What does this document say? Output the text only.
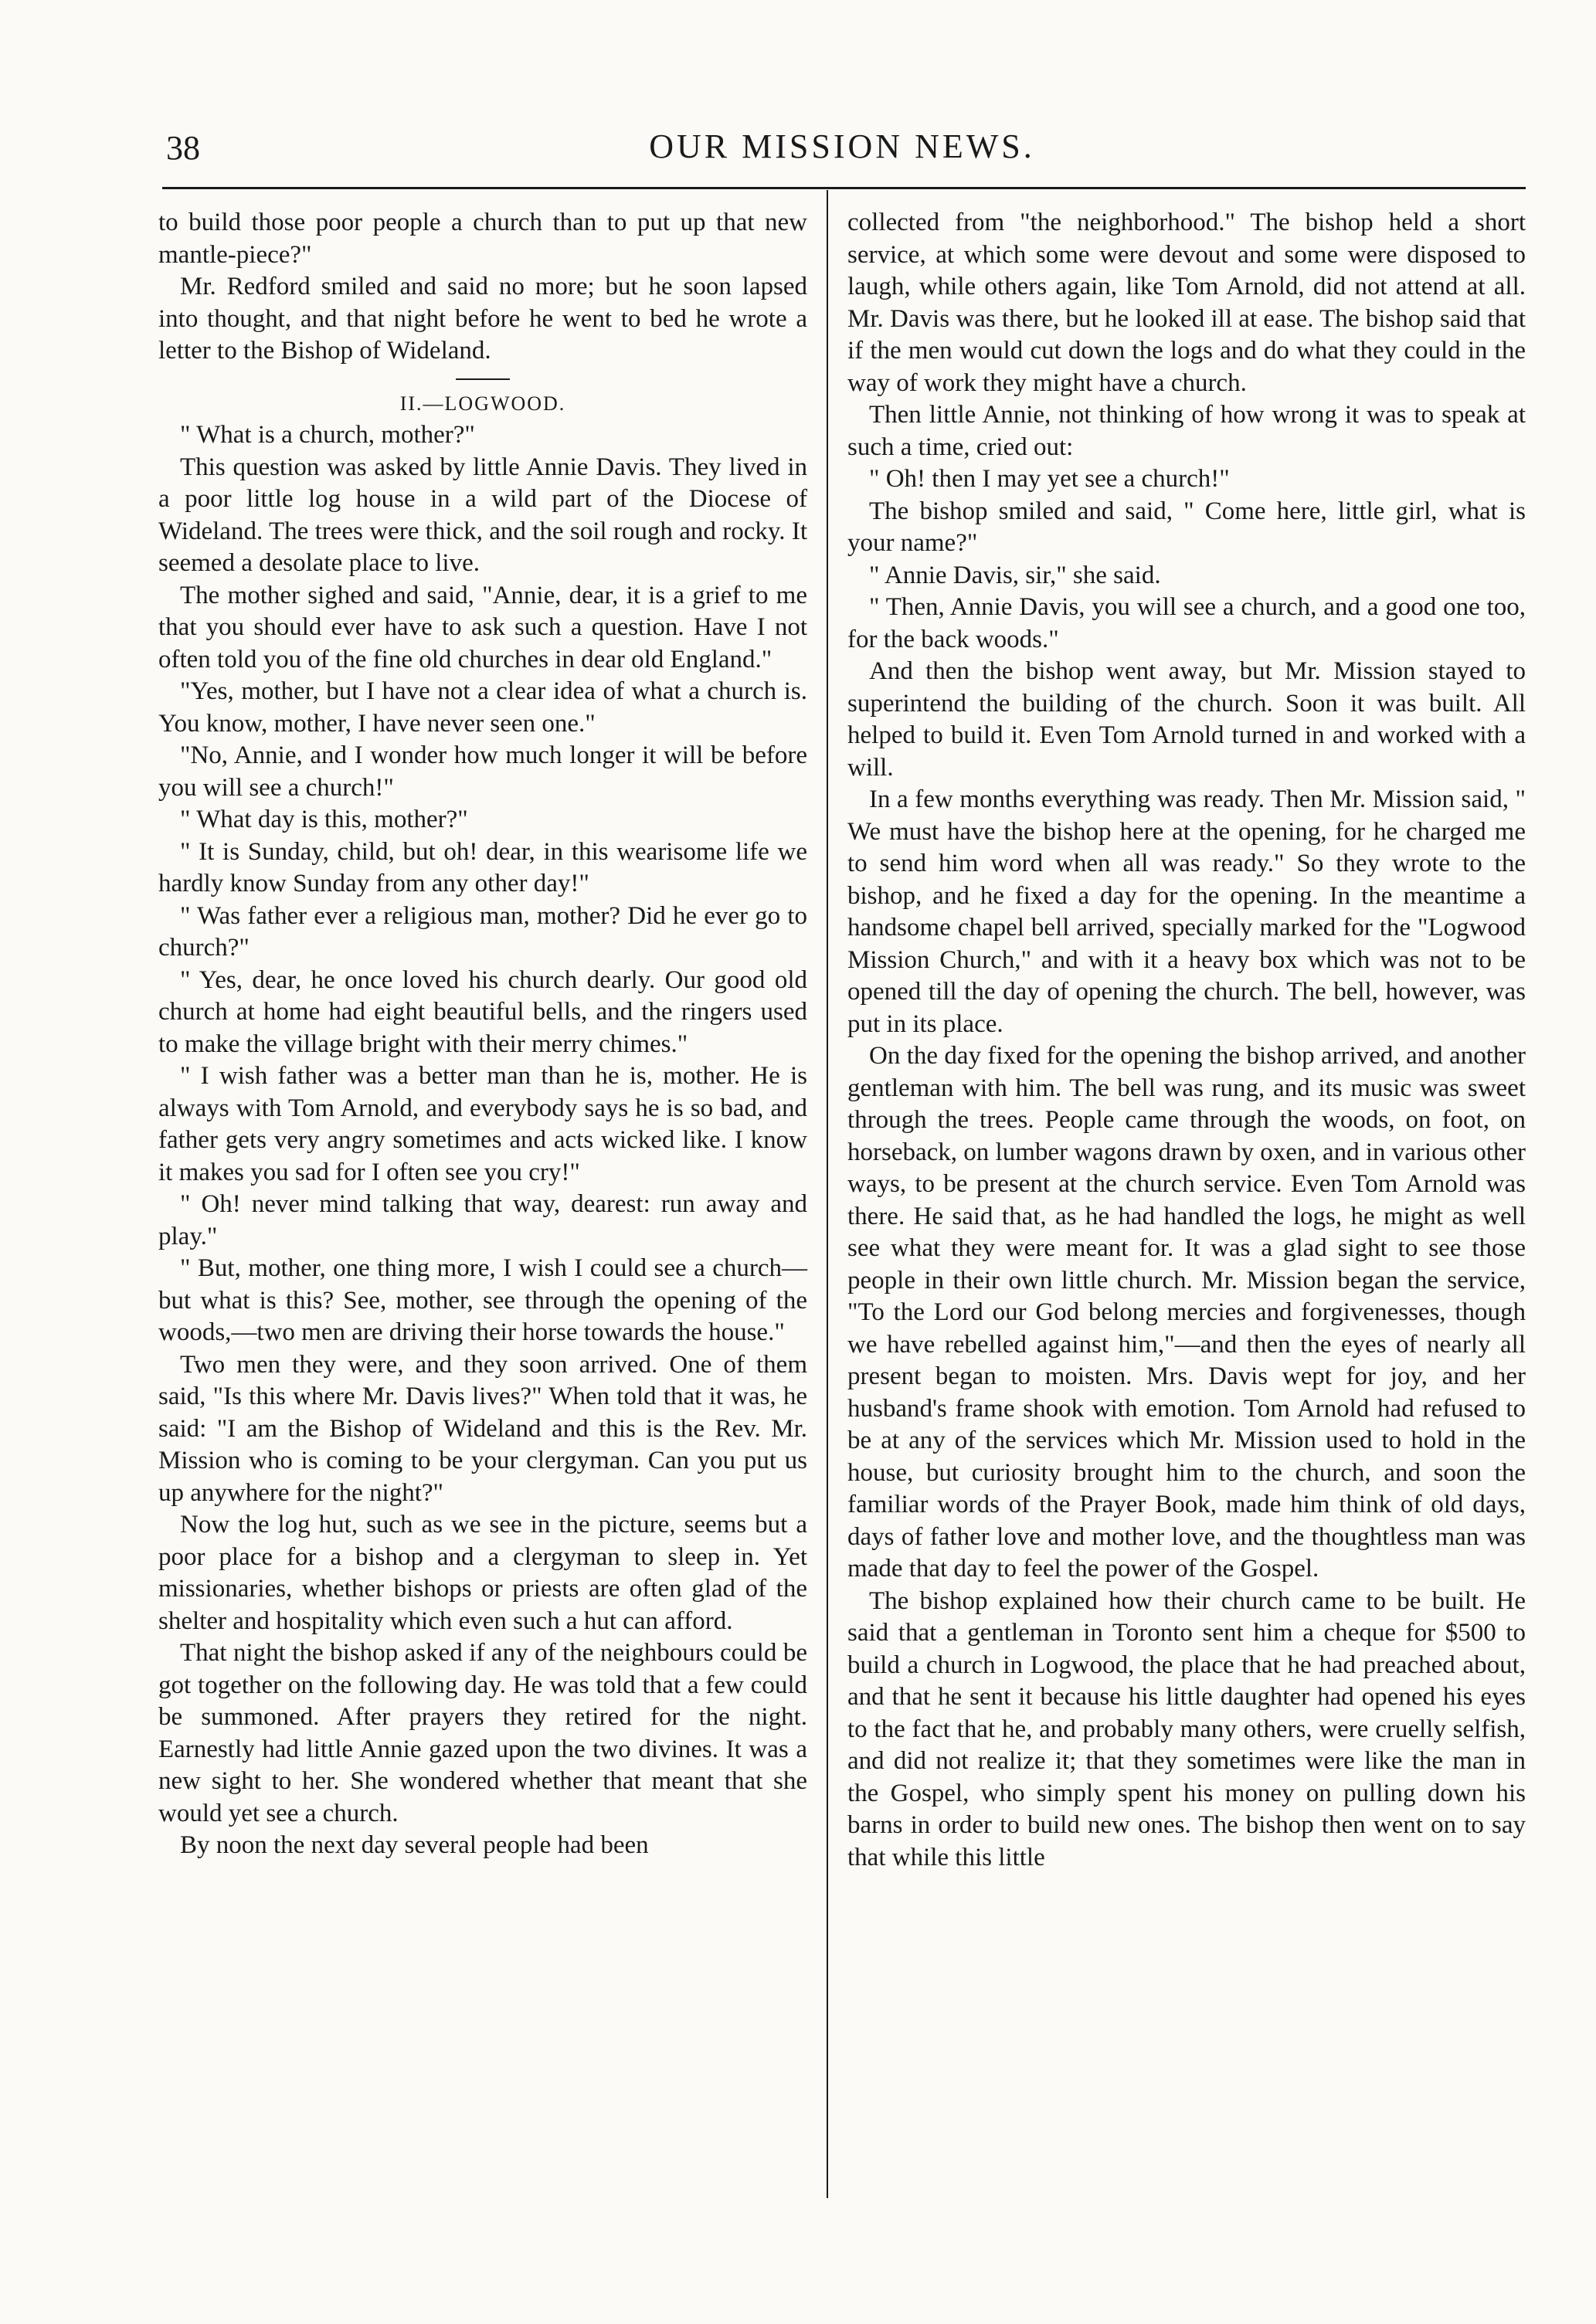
38	OUR MISSION NEWS.

to build those poor people a church than to put up that new mantle-piece?"

Mr. Redford smiled and said no more; but he soon lapsed into thought, and that night before he went to bed he wrote a letter to the Bishop of Wideland.

II.—LOGWOOD.

" What is a church, mother?"

This question was asked by little Annie Davis. They lived in a poor little log house in a wild part of the Diocese of Wideland. The trees were thick, and the soil rough and rocky. It seemed a desolate place to live.

The mother sighed and said, "Annie, dear, it is a grief to me that you should ever have to ask such a question. Have I not often told you of the fine old churches in dear old England."

"Yes, mother, but I have not a clear idea of what a church is. You know, mother, I have never seen one."

"No, Annie, and I wonder how much longer it will be before you will see a church!"

" What day is this, mother?"

" It is Sunday, child, but oh! dear, in this wearisome life we hardly know Sunday from any other day!"

" Was father ever a religious man, mother? Did he ever go to church?"

" Yes, dear, he once loved his church dearly. Our good old church at home had eight beautiful bells, and the ringers used to make the village bright with their merry chimes."

" I wish father was a better man than he is, mother. He is always with Tom Arnold, and everybody says he is so bad, and father gets very angry sometimes and acts wicked like. I know it makes you sad for I often see you cry!"

" Oh! never mind talking that way, dearest: run away and play."

" But, mother, one thing more, I wish I could see a church—but what is this? See, mother, see through the opening of the woods,—two men are driving their horse towards the house."

Two men they were, and they soon arrived. One of them said, "Is this where Mr. Davis lives?" When told that it was, he said: "I am the Bishop of Wideland and this is the Rev. Mr. Mission who is coming to be your clergyman. Can you put us up anywhere for the night?"

Now the log hut, such as we see in the picture, seems but a poor place for a bishop and a clergyman to sleep in. Yet missionaries, whether bishops or priests are often glad of the shelter and hospitality which even such a hut can afford.

That night the bishop asked if any of the neighbours could be got together on the following day. He was told that a few could be summoned. After prayers they retired for the night. Earnestly had little Annie gazed upon the two divines. It was a new sight to her. She wondered whether that meant that she would yet see a church.

By noon the next day several people had been

collected from "the neighborhood." The bishop held a short service, at which some were devout and some were disposed to laugh, while others again, like Tom Arnold, did not attend at all. Mr. Davis was there, but he looked ill at ease. The bishop said that if the men would cut down the logs and do what they could in the way of work they might have a church.

Then little Annie, not thinking of how wrong it was to speak at such a time, cried out:

" Oh! then I may yet see a church!"

The bishop smiled and said, " Come here, little girl, what is your name?"

" Annie Davis, sir," she said.

" Then, Annie Davis, you will see a church, and a good one too, for the back woods."

And then the bishop went away, but Mr. Mission stayed to superintend the building of the church. Soon it was built. All helped to build it. Even Tom Arnold turned in and worked with a will.

In a few months everything was ready. Then Mr. Mission said, " We must have the bishop here at the opening, for he charged me to send him word when all was ready." So they wrote to the bishop, and he fixed a day for the opening. In the meantime a handsome chapel bell arrived, specially marked for the "Logwood Mission Church," and with it a heavy box which was not to be opened till the day of opening the church. The bell, however, was put in its place.

On the day fixed for the opening the bishop arrived, and another gentleman with him. The bell was rung, and its music was sweet through the trees. People came through the woods, on foot, on horseback, on lumber wagons drawn by oxen, and in various other ways, to be present at the church service. Even Tom Arnold was there. He said that, as he had handled the logs, he might as well see what they were meant for. It was a glad sight to see those people in their own little church. Mr. Mission began the service, "To the Lord our God belong mercies and forgivenesses, though we have rebelled against him,"—and then the eyes of nearly all present began to moisten. Mrs. Davis wept for joy, and her husband's frame shook with emotion. Tom Arnold had refused to be at any of the services which Mr. Mission used to hold in the house, but curiosity brought him to the church, and soon the familiar words of the Prayer Book, made him think of old days, days of father love and mother love, and the thoughtless man was made that day to feel the power of the Gospel.

The bishop explained how their church came to be built. He said that a gentleman in Toronto sent him a cheque for $500 to build a church in Logwood, the place that he had preached about, and that he sent it because his little daughter had opened his eyes to the fact that he, and probably many others, were cruelly selfish, and did not realize it; that they sometimes were like the man in the Gospel, who simply spent his money on pulling down his barns in order to build new ones. The bishop then went on to say that while this little
